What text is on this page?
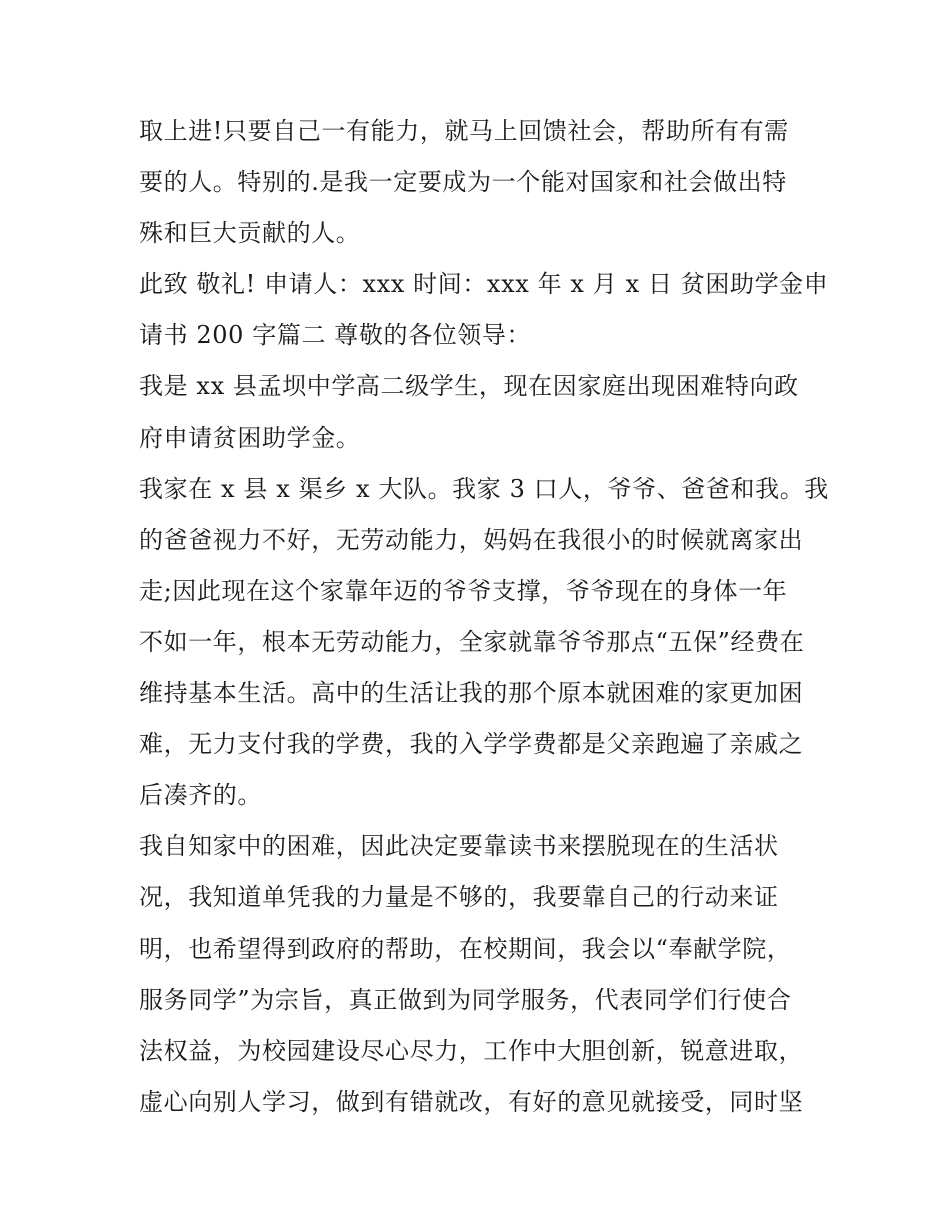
取上进!只要自己一有能力，就马上回馈社会，帮助所有有需
要的人。特别的.是我一定要成为一个能对国家和社会做出特
殊和巨大贡献的人。
此致 敬礼! 申请人：xxx 时间：xxx 年 x 月 x 日 贫困助学金申
请书 200 字篇二 尊敬的各位领导：
我是 xx 县孟坝中学高二级学生，现在因家庭出现困难特向政
府申请贫困助学金。
我家在 x 县 x 渠乡 x 大队。我家 3 口人，爷爷、爸爸和我。我
的爸爸视力不好，无劳动能力，妈妈在我很小的时候就离家出
走;因此现在这个家靠年迈的爷爷支撑，爷爷现在的身体一年
不如一年，根本无劳动能力，全家就靠爷爷那点“五保”经费在
维持基本生活。高中的生活让我的那个原本就困难的家更加困
难，无力支付我的学费，我的入学学费都是父亲跑遍了亲戚之
后凑齐的。
我自知家中的困难，因此决定要靠读书来摆脱现在的生活状
况，我知道单凭我的力量是不够的，我要靠自己的行动来证
明，也希望得到政府的帮助，在校期间，我会以“奉献学院，
服务同学”为宗旨，真正做到为同学服务，代表同学们行使合
法权益，为校园建设尽心尽力，工作中大胆创新，锐意进取，
虚心向别人学习，做到有错就改，有好的意见就接受，同时坚
